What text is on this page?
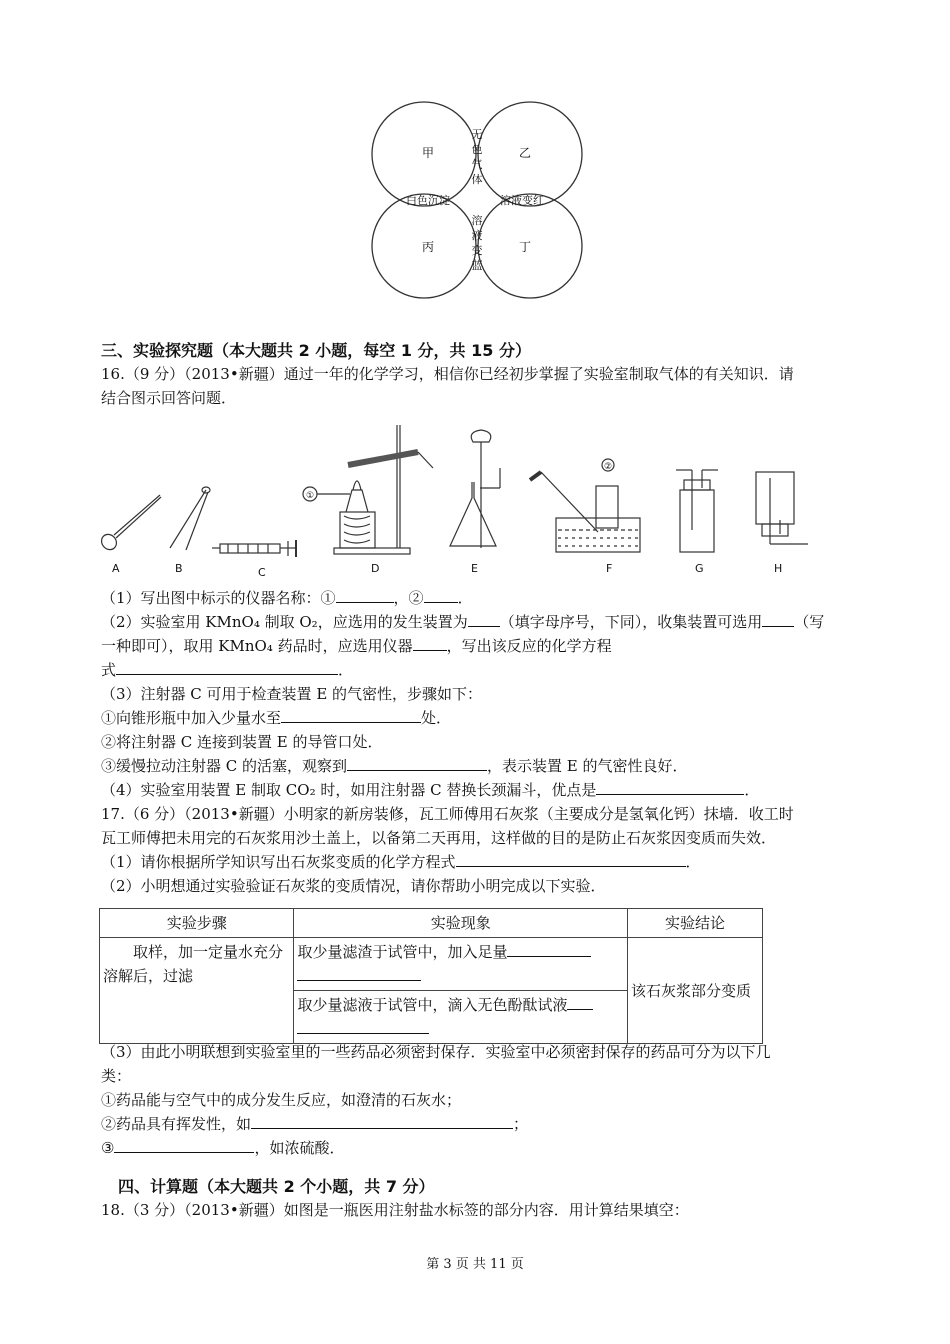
甲	乙
丙	丁
无
色
气
体
白色沉淀	溶液变红
溶
液
变
蓝
三、实验探究题（本大题共 2 小题，每空 1 分，共 15 分）
16.（9 分）（2013•新疆）通过一年的化学学习，相信你已经初步掌握了实验室制取气体的有关知识．请
结合图示回答问题．
①
②
A	B	C	D	E	F	G	H
（1）写出图中标示的仪器名称：①	，② ．
（2）实验室用 KMnO₄ 制取 O₂，应选用的发生装置为 （填字母序号，下同），收集装置可选用 （写
一种即可），取用 KMnO₄ 药品时，应选用仪器 ，写出该反应的化学方程
式	．
（3）注射器 C 可用于检查装置 E 的气密性，步骤如下：
①向锥形瓶中加入少量水至	处．
②将注射器 C 连接到装置 E 的导管口处．
③缓慢拉动注射器 C 的活塞，观察到	，表示装置 E 的气密性良好．
（4）实验室用装置 E 制取 CO₂ 时，如用注射器 C 替换长颈漏斗，优点是	．
17.（6 分）（2013•新疆）小明家的新房装修，瓦工师傅用石灰浆（主要成分是氢氧化钙）抹墙．收工时
瓦工师傅把未用完的石灰浆用沙土盖上，以备第二天再用，这样做的目的是防止石灰浆因变质而失效．
（1）请你根据所学知识写出石灰浆变质的化学方程式	．
（2）小明想通过实验验证石灰浆的变质情况，请你帮助小明完成以下实验．
实验步骤	实验现象	实验结论
取样，加一定量水充分溶解后，过滤	取少量滤渣于试管中，加入足量	该石灰浆部分变质
	取少量滤液于试管中，滴入无色酚酞试液	

（3）由此小明联想到实验室里的一些药品必须密封保存．实验室中必须密封保存的药品可分为以下几
类：
①药品能与空气中的成分发生反应，如澄清的石灰水；
②药品具有挥发性，如	；
③	，如浓硫酸．
四、计算题（本大题共 2 个小题，共 7 分）
18.（3 分）（2013•新疆）如图是一瓶医用注射盐水标签的部分内容．用计算结果填空：
第 3 页 共 11 页
